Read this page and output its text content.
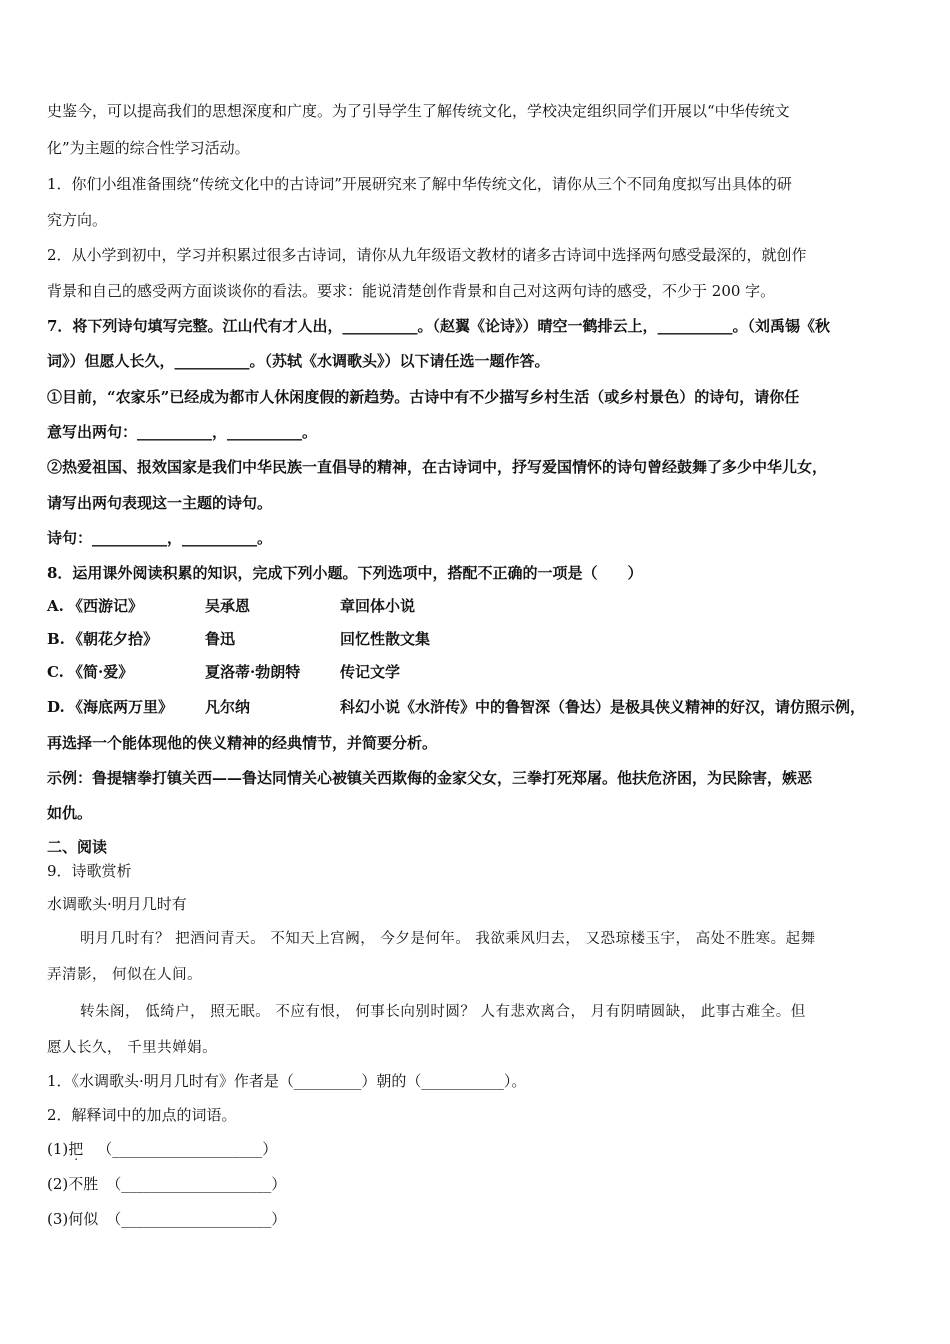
史鉴今，可以提高我们的思想深度和广度。为了引导学生了解传统文化，学校决定组织同学们开展以“中华传统文
化”为主题的综合性学习活动。
1．你们小组准备围绕“传统文化中的古诗词”开展研究来了解中华传统文化，请你从三个不同角度拟写出具体的研
究方向。
2．从小学到初中，学习并积累过很多古诗词，请你从九年级语文教材的诸多古诗词中选择两句感受最深的，就创作
背景和自己的感受两方面谈谈你的看法。要求：能说清楚创作背景和自己对这两句诗的感受，不少于 200 字。
7．将下列诗句填写完整。江山代有才人出，__________。（赵翼《论诗》）晴空一鹤排云上，__________。（刘禹锡《秋
词》）但愿人长久，__________。（苏轼《水调歌头》）以下请任选一题作答。
①目前，“农家乐”已经成为都市人休闲度假的新趋势。古诗中有不少描写乡村生活（或乡村景色）的诗句，请你任
意写出两句：__________，__________。
②热爱祖国、报效国家是我们中华民族一直倡导的精神，在古诗词中，抒写爱国情怀的诗句曾经鼓舞了多少中华儿女，
请写出两句表现这一主题的诗句。
诗句：__________，__________。
8．运用课外阅读积累的知识，完成下列小题。下列选项中，搭配不正确的一项是（　　）
A. 《西游记》	吴承恩	章回体小说
B. 《朝花夕拾》	鲁迅	回忆性散文集
C. 《简·爱》	夏洛蒂·勃朗特	传记文学
D. 《海底两万里》 凡尔纳	科幻小说《水浒传》中的鲁智深（鲁达）是极具侠义精神的好汉，请仿照示例，
再选择一个能体现他的侠义精神的经典情节，并简要分析。
示例：鲁提辖拳打镇关西——鲁达同情关心被镇关西欺侮的金家父女，三拳打死郑屠。他扶危济困，为民除害，嫉恶
如仇。
二、阅读
9．诗歌赏析
水调歌头·明月几时有
明月几时有？ 把酒问青天。 不知天上宫阙， 今夕是何年。 我欲乘风归去， 又恐琼楼玉宇， 高处不胜寒。起舞
弄清影， 何似在人间。
转朱阁， 低绮户， 照无眠。 不应有恨， 何事长向别时圆？ 人有悲欢离合， 月有阴晴圆缺， 此事古难全。但
愿人长久， 千里共婵娟。
1．《水调歌头·明月几时有》作者是（_________）朝的（___________）。
2．解释词中的加点的词语。
(1)把 （____________________）
(2)不胜 （____________________）
(3)何似 （____________________）
